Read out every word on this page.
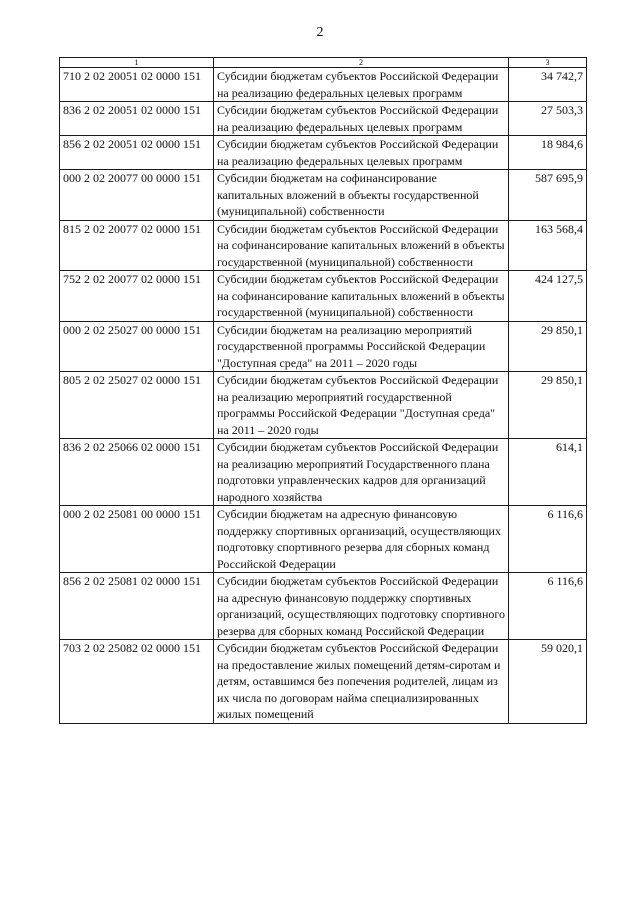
2
1	2	3
710 2 02 20051 02 0000 151	Субсидии бюджетам субъектов Российской Федерации на реализацию федеральных целевых программ	34 742,7
836 2 02 20051 02 0000 151	Субсидии бюджетам субъектов Российской Федерации на реализацию федеральных целевых программ	27 503,3
856 2 02 20051 02 0000 151	Субсидии бюджетам субъектов Российской Федерации на реализацию федеральных целевых программ	18 984,6
000 2 02 20077 00 0000 151	Субсидии бюджетам на софинансирование капитальных вложений в объекты государственной (муниципальной) собственности	587 695,9
815 2 02 20077 02 0000 151	Субсидии бюджетам субъектов Российской Федерации на софинансирование капитальных вложений в объекты государственной (муниципальной) собственности	163 568,4
752 2 02 20077 02 0000 151	Субсидии бюджетам субъектов Российской Федерации на софинансирование капитальных вложений в объекты государственной (муниципальной) собственности	424 127,5
000 2 02 25027 00 0000 151	Субсидии бюджетам на реализацию мероприятий государственной программы Российской Федерации "Доступная среда" на 2011 – 2020 годы	29 850,1
805 2 02 25027 02 0000 151	Субсидии бюджетам субъектов Российской Федерации на реализацию мероприятий государственной программы Российской Федерации "Доступная среда" на 2011 – 2020 годы	29 850,1
836 2 02 25066 02 0000 151	Субсидии бюджетам субъектов Российской Федерации на реализацию мероприятий Государственного плана подготовки управленческих кадров для организаций народного хозяйства	614,1
000 2 02 25081 00 0000 151	Субсидии бюджетам на адресную финансовую поддержку спортивных организаций, осуществляющих подготовку спортивного резерва для сборных команд Российской Федерации	6 116,6
856 2 02 25081 02 0000 151	Субсидии бюджетам субъектов Российской Федерации на адресную финансовую поддержку спортивных организаций, осуществляющих подготовку спортивного резерва для сборных команд Российской Федерации	6 116,6
703 2 02 25082 02 0000 151	Субсидии бюджетам субъектов Российской Федерации на предоставление жилых помещений детям-сиротам и детям, оставшимся без попечения родителей, лицам из их числа по договорам найма специализированных жилых помещений	59 020,1
